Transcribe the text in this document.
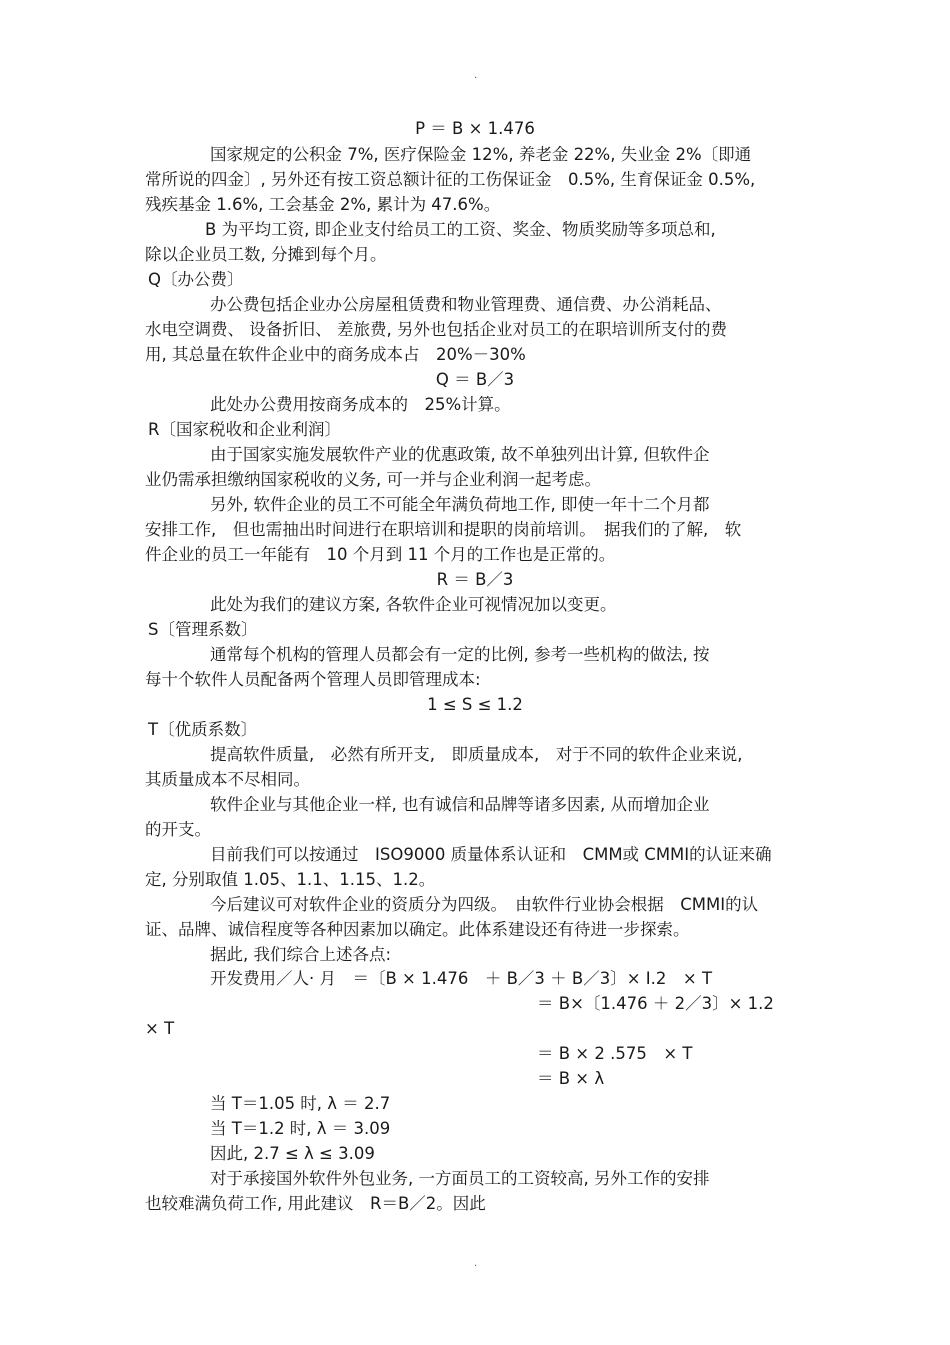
.
P ＝ B × 1.476
国家规定的公积金 7%, 医疗保险金 12%, 养老金 22%, 失业金 2%〔即通
常所说的四金〕, 另外还有按工资总额计征的工伤保证金　0.5%, 生育保证金 0.5%,
残疾基金 1.6%, 工会基金 2%, 累计为 47.6%。
B 为平均工资, 即企业支付给员工的工资、奖金、物质奖励等多项总和,
除以企业员工数, 分摊到每个月。
Q〔办公费〕
办公费包括企业办公房屋租赁费和物业管理费、通信费、办公消耗品、
水电空调费、 设备折旧、 差旅费, 另外也包括企业对员工的在职培训所支付的费
用, 其总量在软件企业中的商务成本占　20%－30%
Q ＝ B／3
此处办公费用按商务成本的　25%计算。
R〔国家税收和企业利润〕
由于国家实施发展软件产业的优惠政策, 故不单独列出计算, 但软件企
业仍需承担缴纳国家税收的义务, 可一并与企业利润一起考虑。
另外, 软件企业的员工不可能全年满负荷地工作, 即使一年十二个月都
安排工作,　但也需抽出时间进行在职培训和提职的岗前培训。　据我们的了解,　软
件企业的员工一年能有　10 个月到 11 个月的工作也是正常的。
R ＝ B／3
此处为我们的建议方案, 各软件企业可视情况加以变更。
S〔管理系数〕
通常每个机构的管理人员都会有一定的比例, 参考一些机构的做法, 按
每十个软件人员配备两个管理人员即管理成本:
1 ≤ S ≤ 1.2
T〔优质系数〕
提高软件质量,　必然有所开支,　即质量成本,　对于不同的软件企业来说,
其质量成本不尽相同。
软件企业与其他企业一样, 也有诚信和品牌等诸多因素, 从而增加企业
的开支。
目前我们可以按通过　ISO9000 质量体系认证和　CMM或 CMMI的认证来确
定, 分别取值 1.05、1.1、1.15、1.2。
今后建议可对软件企业的资质分为四级。　由软件行业协会根据　CMMI的认
证、品牌、诚信程度等各种因素加以确定。此体系建设还有待进一步探索。
据此, 我们综合上述各点:
开发费用／人· 月　＝〔B × 1.476　＋ B／3 ＋ B／3〕× I.2　× T
＝ B×〔1.476 ＋ 2／3〕× 1.2
× T
＝ B × 2 .575　× T
＝ B × λ
当 T＝1.05 时, λ ＝ 2.7
当 T＝1.2 时, λ ＝ 3.09
因此, 2.7 ≤ λ ≤ 3.09
对于承接国外软件外包业务, 一方面员工的工资较高, 另外工作的安排
也较难满负荷工作, 用此建议　R＝B／2。因此
.
